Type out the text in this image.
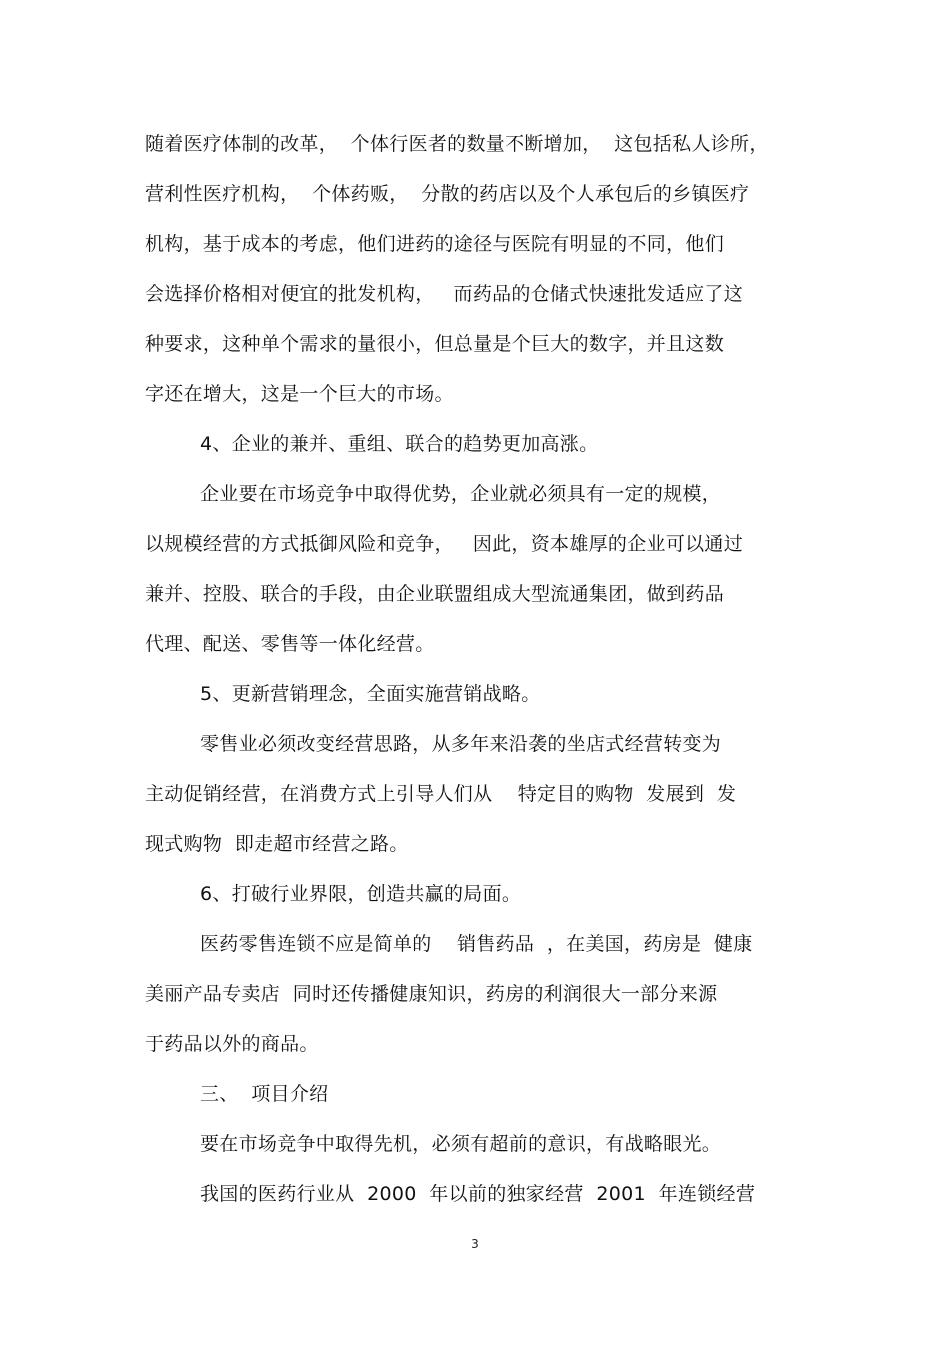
随着医疗体制的改革，  个体行医者的数量不断增加，  这包括私人诊所，
营利性医疗机构，  个体药贩，  分散的药店以及个人承包后的乡镇医疗
机构，基于成本的考虑，他们进药的途径与医院有明显的不同，他们
会选择价格相对便宜的批发机构，   而药品的仓储式快速批发适应了这
种要求，这种单个需求的量很小，但总量是个巨大的数字，并且这数
字还在增大，这是一个巨大的市场。
4、企业的兼并、重组、联合的趋势更加高涨。
企业要在市场竞争中取得优势，企业就必须具有一定的规模，
以规模经营的方式抵御风险和竞争，   因此，资本雄厚的企业可以通过
兼并、控股、联合的手段，由企业联盟组成大型流通集团，做到药品
代理、配送、零售等一体化经营。
5、更新营销理念，全面实施营销战略。
零售业必须改变经营思路，从多年来沿袭的坐店式经营转变为
主动促销经营，在消费方式上引导人们从    特定目的购物  发展到  发
现式购物  即走超市经营之路。
6、打破行业界限，创造共赢的局面。
医药零售连锁不应是简单的    销售药品  ，在美国，药房是  健康
美丽产品专卖店  同时还传播健康知识，药房的利润很大一部分来源
于药品以外的商品。
三、  项目介绍
要在市场竞争中取得先机，必须有超前的意识，有战略眼光。
我国的医药行业从  2000  年以前的独家经营  2001  年连锁经营
3
